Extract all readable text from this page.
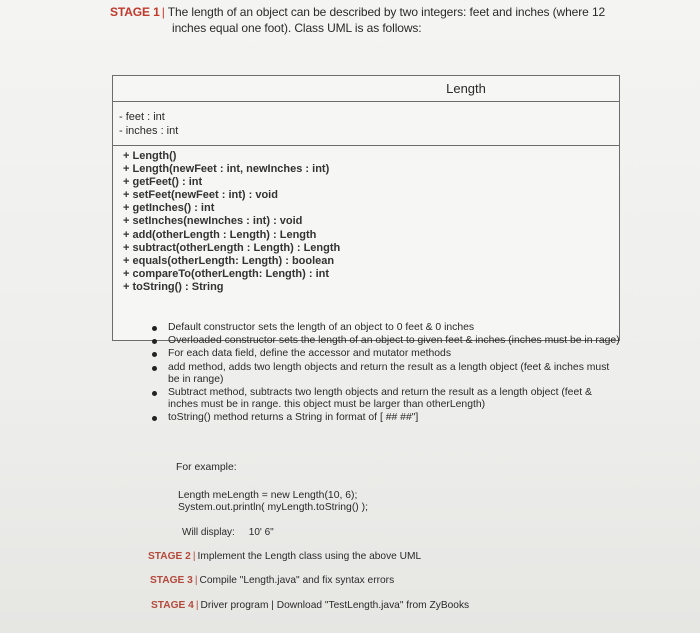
STAGE 1 | The length of an object can be described by two integers: feet and inches (where 12
inches equal one foot). Class UML is as follows:
Length
- feet : int
- inches : int
+ Length()
+ Length(newFeet : int, newInches : int)
+ getFeet() : int
+ setFeet(newFeet : int) : void
+ getInches() : int
+ setInches(newInches : int) : void
+ add(otherLength : Length) : Length
+ subtract(otherLength : Length) : Length
+ equals(otherLength: Length) : boolean
+ compareTo(otherLength: Length) : int
+ toString() : String
Default constructor sets the length of an object to 0 feet & 0 inches
Overloaded constructor sets the length of an object to given feet & inches (inches must be in rage)
For each data field, define the accessor and mutator methods
add method, adds two length objects and return the result as a length object (feet & inches must be in range)
Subtract method, subtracts two length objects and return the result as a length object (feet & inches must be in range. this object must be larger than otherLength)
toString() method returns a String in format of [ ## ##"]
For example:
Length meLength = new Length(10, 6);
System.out.println( myLength.toString() );
Will display: 10' 6"
STAGE 2 | Implement the Length class using the above UML
STAGE 3 | Compile "Length.java" and fix syntax errors
STAGE 4 | Driver program | Download "TestLength.java" from ZyBooks
